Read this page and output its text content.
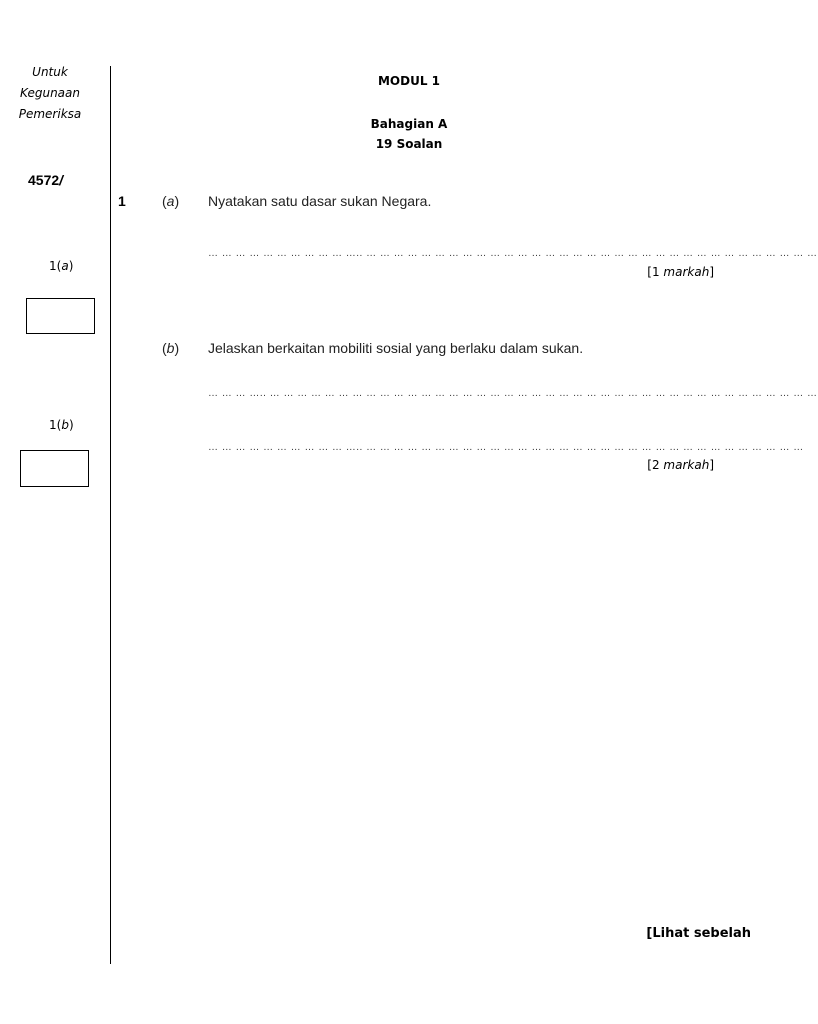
Untuk
Kegunaan
Pemeriksa
4572/
1(a)
1(b)
MODUL 1
Bahagian A
19 Soalan
1	(a) Nyatakan satu dasar sukan Negara.
… … … … … … … … … … ….. … … … … … … … … … … … … … … … … … … … … … … … … … … … … … … … … …
[1 markah]
(b) Jelaskan berkaitan mobiliti sosial yang berlaku dalam sukan.
… … … ….. … … … … … … … … … … … … … … … … … … … … … … … … … … … … … … … … … … … … … … … …
… … … … … … … … … … ….. … … … … … … … … … … … … … … … … … … … … … … … … … … … … … … … …
[2 markah]
[Lihat sebelah
